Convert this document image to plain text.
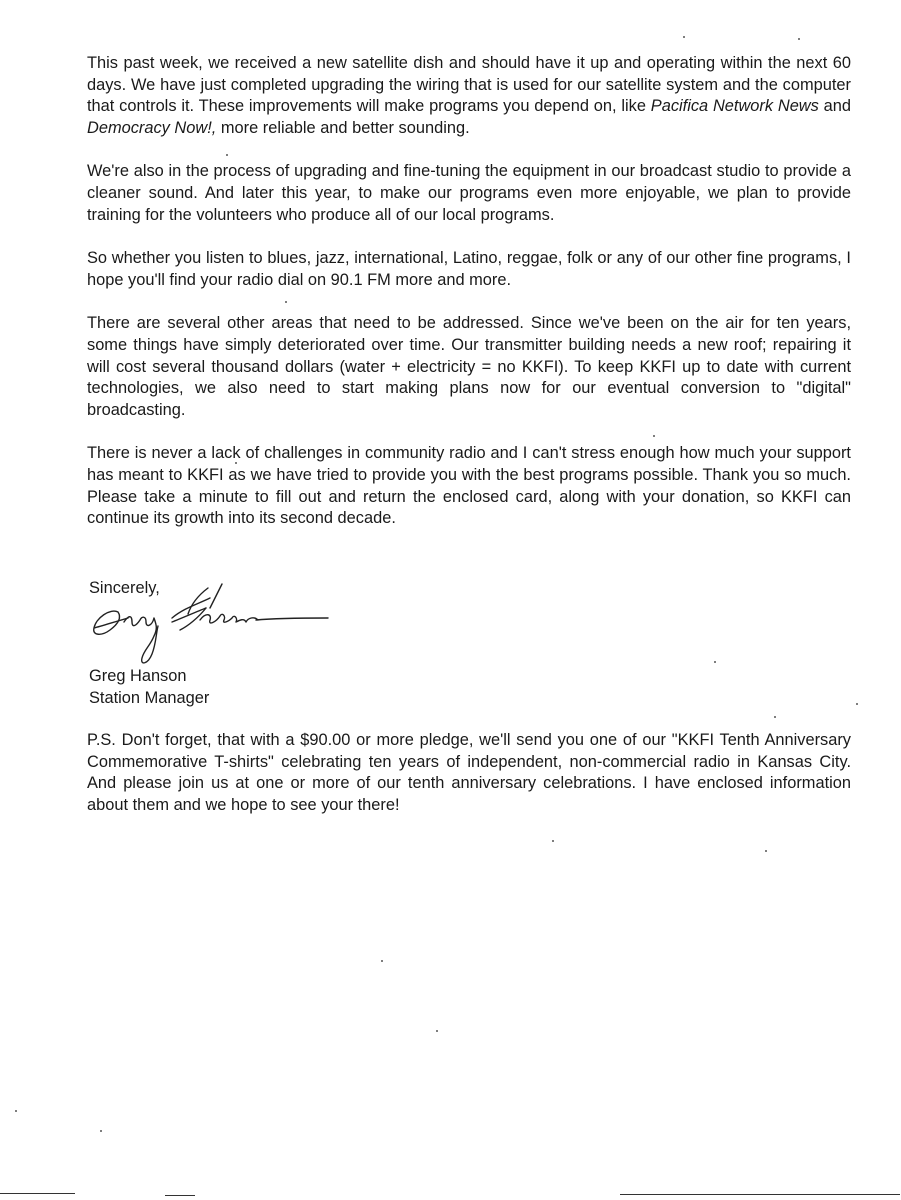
This past week, we received a new satellite dish and should have it up and operating within the next 60 days. We have just completed upgrading the wiring that is used for our satellite system and the computer that controls it. These improvements will make programs you depend on, like Pacifica Network News and Democracy Now!, more reliable and better sounding.

We're also in the process of upgrading and fine-tuning the equipment in our broadcast studio to provide a cleaner sound. And later this year, to make our programs even more enjoyable, we plan to provide training for the volunteers who produce all of our local programs.

So whether you listen to blues, jazz, international, Latino, reggae, folk or any of our other fine programs, I hope you'll find your radio dial on 90.1 FM more and more.

There are several other areas that need to be addressed. Since we've been on the air for ten years, some things have simply deteriorated over time. Our transmitter building needs a new roof; repairing it will cost several thousand dollars (water + electricity = no KKFI). To keep KKFI up to date with current technologies, we also need to start making plans now for our eventual conversion to "digital" broadcasting.

There is never a lack of challenges in community radio and I can't stress enough how much your support has meant to KKFI as we have tried to provide you with the best programs possible. Thank you so much. Please take a minute to fill out and return the enclosed card, along with your donation, so KKFI can continue its growth into its second decade.

Sincerely,
Greg Hanson
Station Manager

P.S. Don't forget, that with a $90.00 or more pledge, we'll send you one of our "KKFI Tenth Anniversary Commemorative T-shirts" celebrating ten years of independent, non-commercial radio in Kansas City. And please join us at one or more of our tenth anniversary celebrations. I have enclosed information about them and we hope to see your there!
